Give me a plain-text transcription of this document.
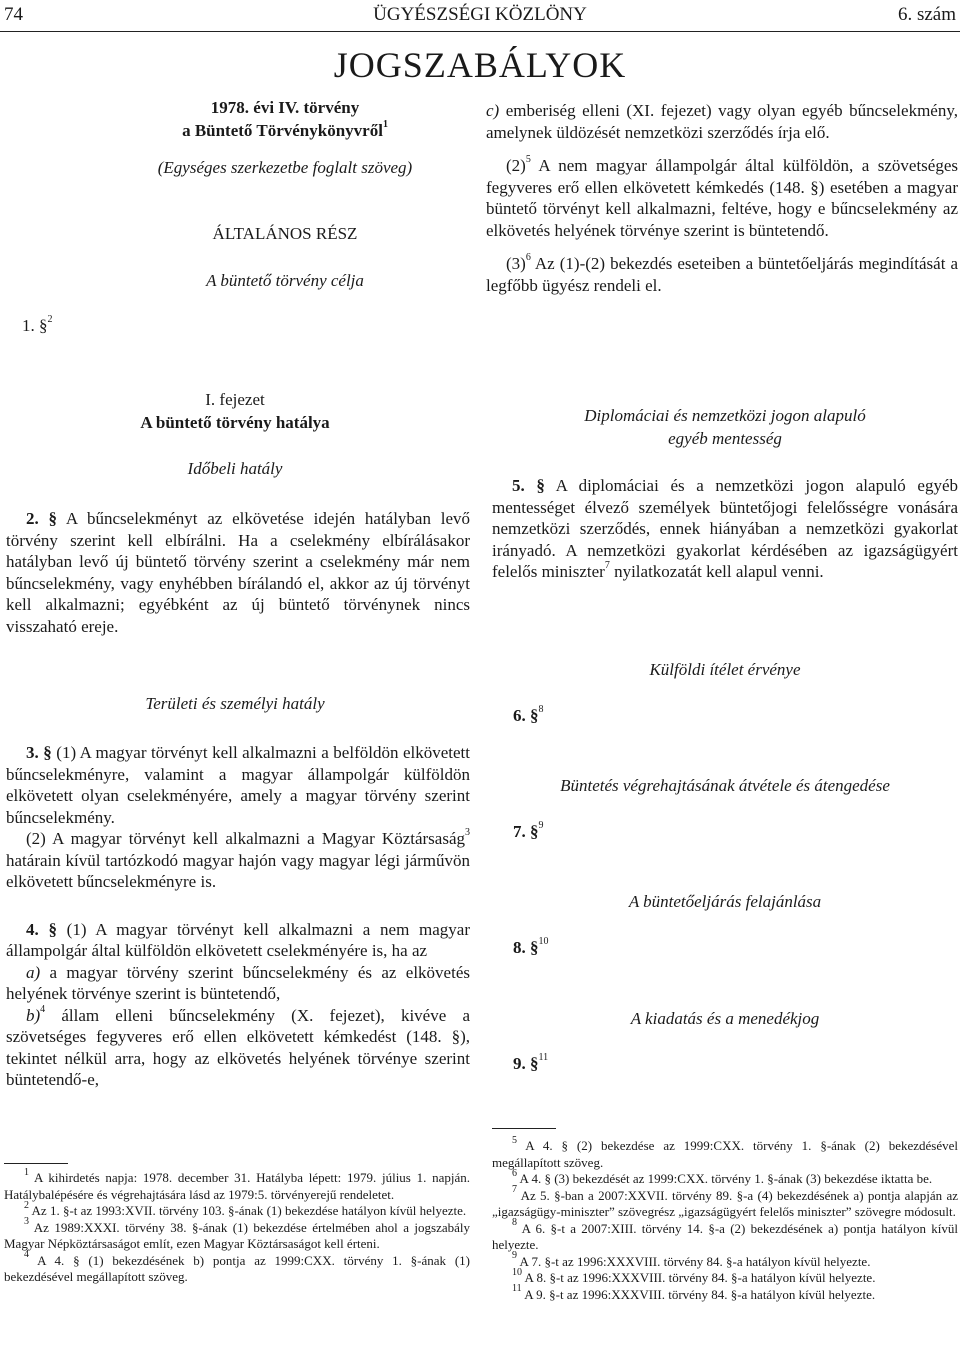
74	ÜGYÉSZSÉGI KÖZLÖNY	6. szám
JOGSZABÁLYOK
1978. évi IV. törvény
a Büntető Törvénykönyvről$^1$
(Egységes szerkezetbe foglalt szöveg)
ÁLTALÁNOS RÉSZ
A büntető törvény célja
1. §$^2$

c) emberiség elleni (XI. fejezet) vagy olyan egyéb bűncselekmény, amelynek üldözését nemzetközi szerződés írja elő.

$(2)^5$ A nem magyar állampolgár által külföldön, a szövetséges fegyveres erő ellen elkövetett kémkedés (148. §) esetében a magyar büntető törvényt kell alkalmazni, feltéve, hogy e bűncselekmény az elkövetés helyének törvénye szerint is büntetendő.

$(3)^6$ Az (1)-(2) bekezdés eseteiben a büntetőeljárás megindítását a legfőbb ügyész rendeli el.

I. fejezet
A büntető törvény hatálya
Időbeli hatály

2. § A bűncselekményt az elkövetése idején hatályban levő törvény szerint kell elbírálni. Ha a cselekmény elbírálásakor hatályban levő új büntető törvény szerint a cselekmény már nem bűncselekmény, vagy enyhébben bírálandó el, akkor az új törvényt kell alkalmazni; egyébként az új büntető törvénynek nincs visszaható ereje.

Területi és személyi hatály

3. § (1) A magyar törvényt kell alkalmazni a belföldön elkövetett bűncselekményre, valamint a magyar állampolgár külföldön elkövetett olyan cselekményére, amely a magyar törvény szerint bűncselekmény.

(2) A magyar törvényt kell alkalmazni a Magyar Köztársaság$^3$ határain kívül tartózkodó magyar hajón vagy magyar légi járművön elkövetett bűncselekményre is.

4. § (1) A magyar törvényt kell alkalmazni a nem magyar állampolgár által külföldön elkövetett cselekményére is, ha az

a) a magyar törvény szerint bűncselekmény és az elkövetés helyének törvénye szerint is büntetendő,

b)$^4$ állam elleni bűncselekmény (X. fejezet), kivéve a szövetséges fegyveres erő ellen elkövetett kémkedést (148. §), tekintet nélkül arra, hogy az elkövetés helyének törvénye szerint büntetendő-e,

Diplomáciai és nemzetközi jogon alapuló
egyéb mentesség

5. § A diplomáciai és a nemzetközi jogon alapuló egyéb mentességet élvező személyek büntetőjogi felelősségre vonására nemzetközi szerződés, ennek hiányában a nemzetközi gyakorlat irányadó. A nemzetközi gyakorlat kérdésében az igazságügyért felelős miniszter$^7$ nyilatkozatát kell alapul venni.

Külföldi ítélet érvénye
6. §$^8$
Büntetés végrehajtásának átvétele és átengedése
7. §$^9$
A büntetőeljárás felajánlása
8. §$^{10}$
A kiadatás és a menedékjog
9. §$^{11}$

$^1$ A kihirdetés napja: 1978. december 31. Hatályba lépett: 1979. július 1. napján. Hatálybalépésére és végrehajtására lásd az 1979:5. törvényerejű rendeletet.

$^2$ Az 1. §-t az 1993:XVII. törvény 103. §-ának (1) bekezdése hatályon kívül helyezte.

$^3$ Az 1989:XXXI. törvény 38. §-ának (1) bekezdése értelmében ahol a jogszabály Magyar Népköztársaságot említ, ezen Magyar Köztársaságot kell érteni.

$^4$ A 4. § (1) bekezdésének b) pontja az 1999:CXX. törvény 1. §-ának (1) bekezdésével megállapított szöveg.

$^5$ A 4. § (2) bekezdése az 1999:CXX. törvény 1. §-ának (2) bekezdésével megállapított szöveg.

$^6$ A 4. § (3) bekezdését az 1999:CXX. törvény 1. §-ának (3) bekezdése iktatta be.

$^7$ Az 5. §-ban a 2007:XXVII. törvény 89. §-a (4) bekezdésének a) pontja alapján az „igazságügy-miniszter” szövegrész „igazságügyért felelős miniszter” szövegre módosult.

$^8$ A 6. §-t a 2007:XIII. törvény 14. §-a (2) bekezdésének a) pontja hatályon kívül helyezte.

$^9$ A 7. §-t az 1996:XXXVIII. törvény 84. §-a hatályon kívül helyezte.

$^{10}$ A 8. §-t az 1996:XXXVIII. törvény 84. §-a hatályon kívül helyezte.

$^{11}$ A 9. §-t az 1996:XXXVIII. törvény 84. §-a hatályon kívül helyezte.
